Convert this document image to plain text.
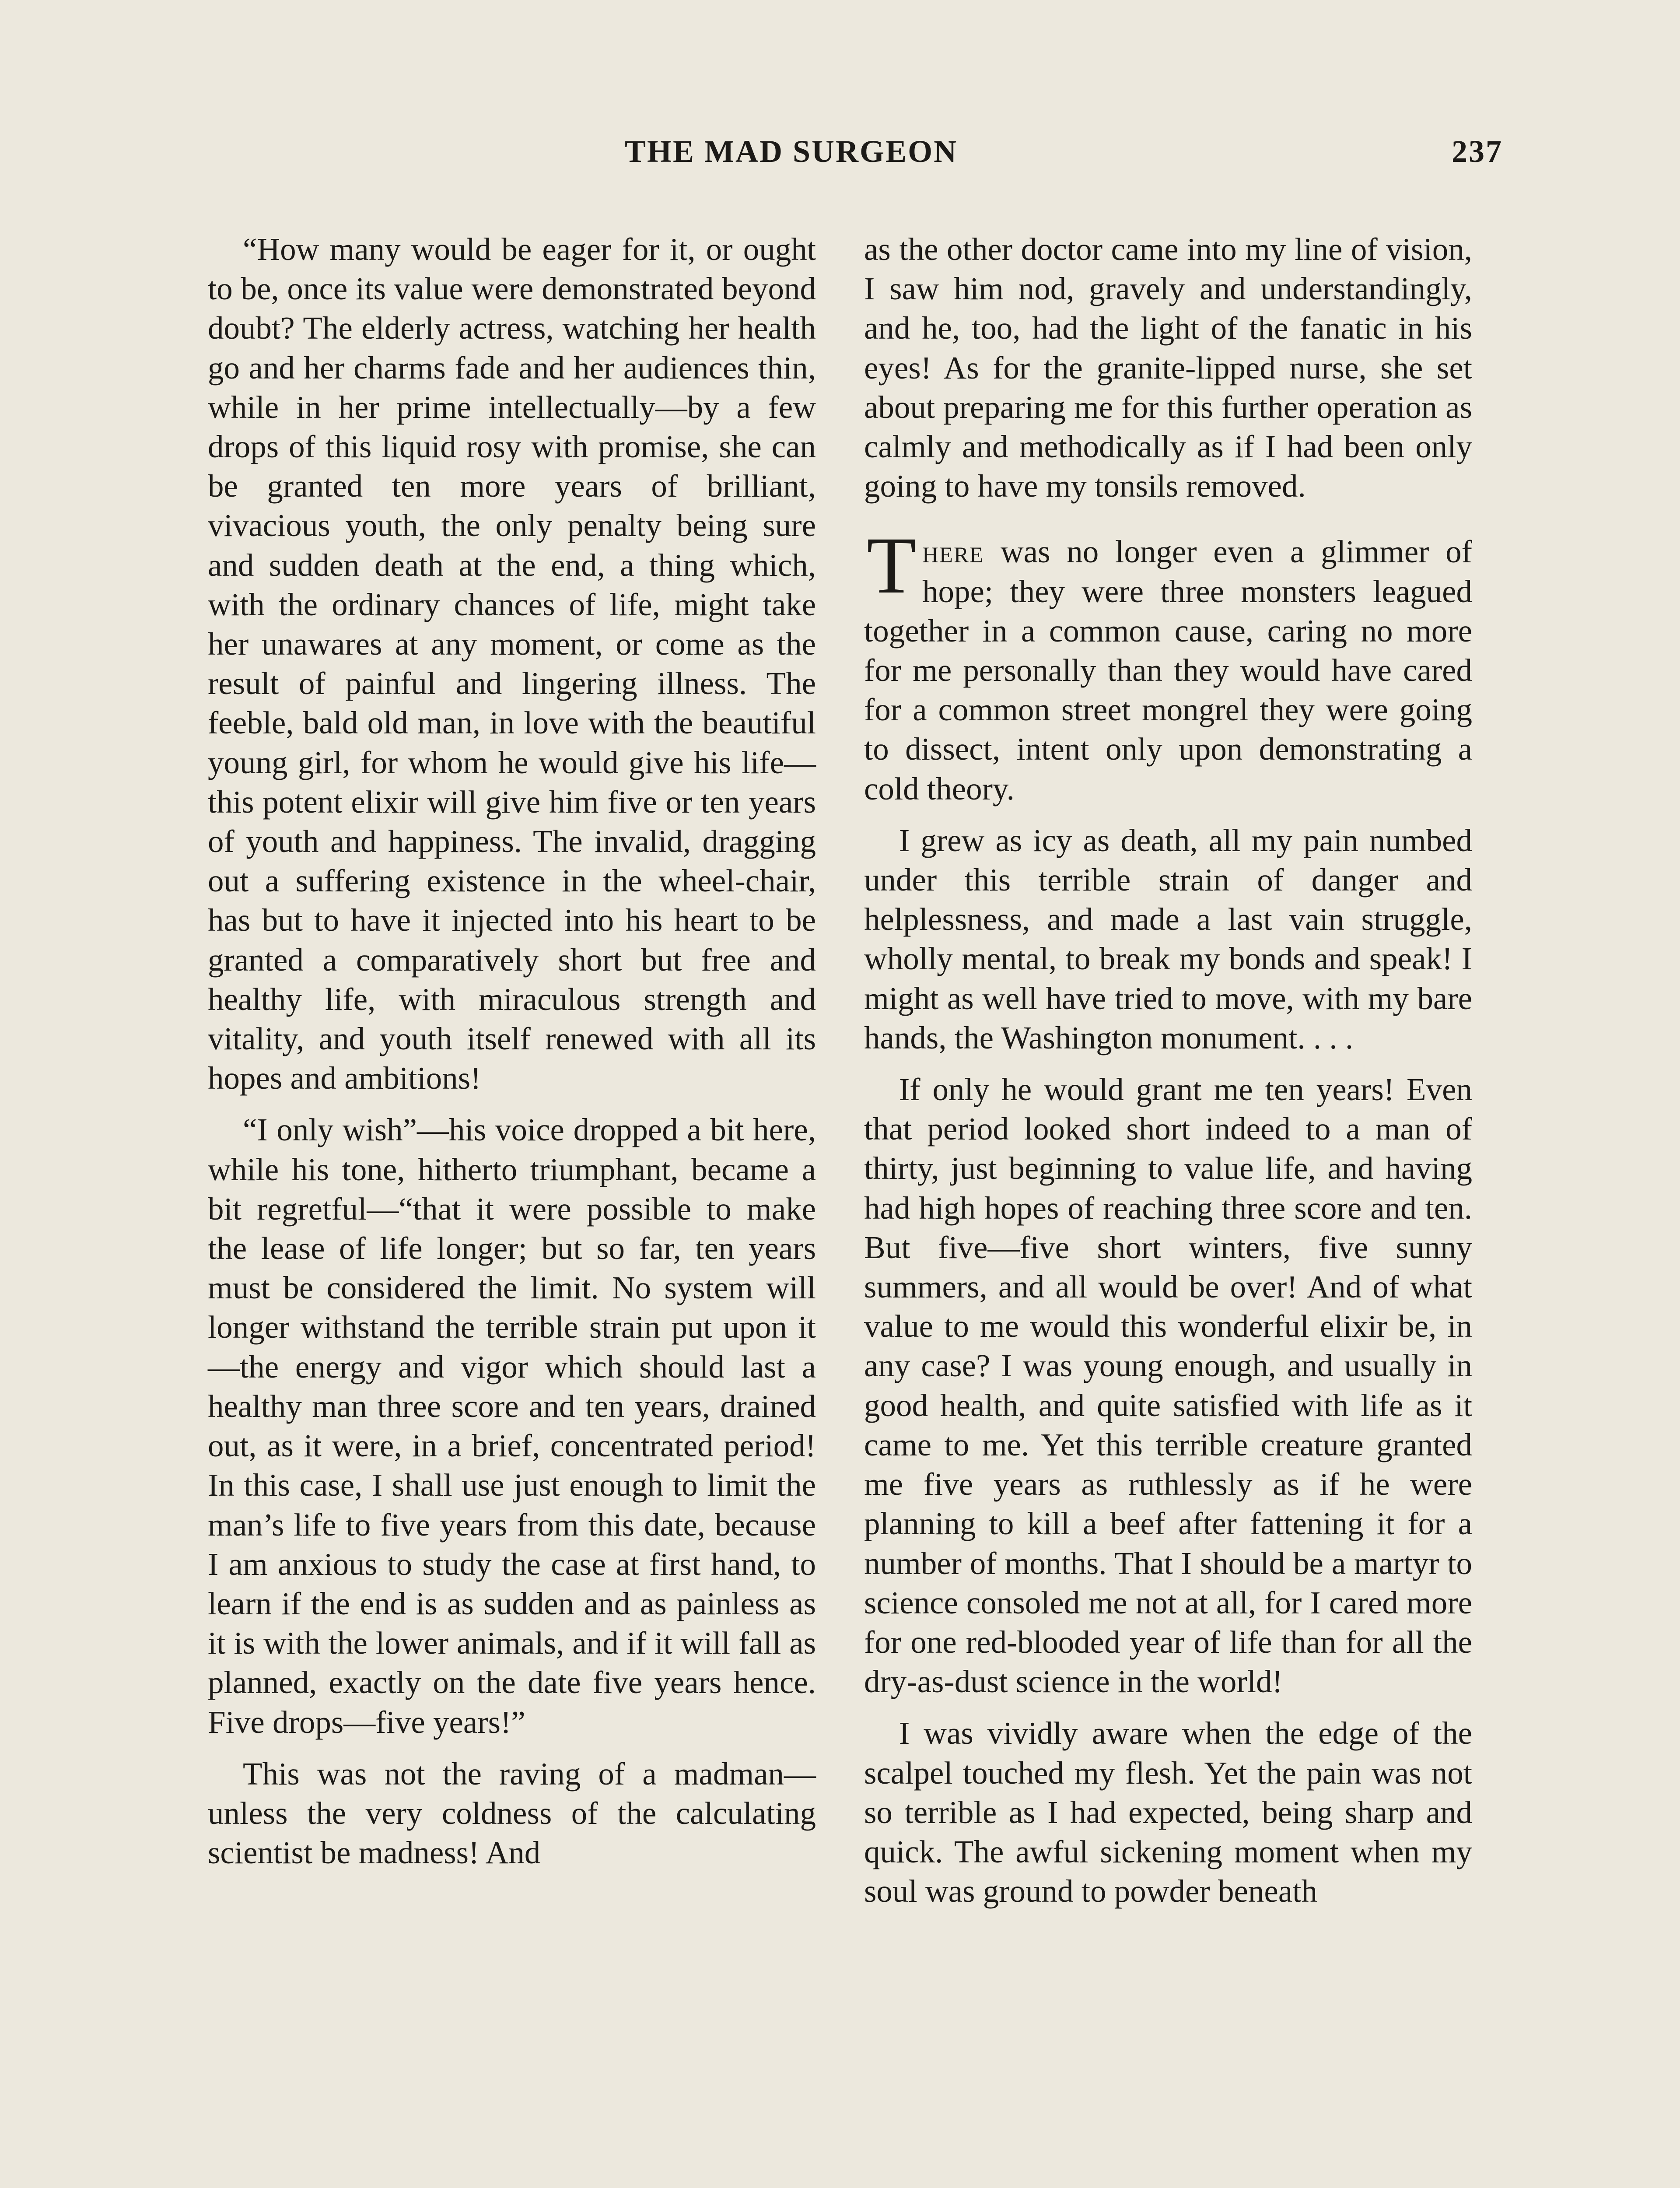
THE MAD SURGEON	237

“How many would be eager for it, or ought to be, once its value were demonstrated beyond doubt? The elderly actress, watching her health go and her charms fade and her audiences thin, while in her prime intellectually—by a few drops of this liquid rosy with promise, she can be granted ten more years of brilliant, vivacious youth, the only penalty being sure and sudden death at the end, a thing which, with the ordinary chances of life, might take her unawares at any moment, or come as the result of painful and lingering illness. The feeble, bald old man, in love with the beautiful young girl, for whom he would give his life—this potent elixir will give him five or ten years of youth and happiness. The invalid, dragging out a suffering existence in the wheel-chair, has but to have it injected into his heart to be granted a comparatively short but free and healthy life, with miraculous strength and vitality, and youth itself renewed with all its hopes and ambitions!

“I only wish”—his voice dropped a bit here, while his tone, hitherto triumphant, became a bit regretful—“that it were possible to make the lease of life longer; but so far, ten years must be considered the limit. No system will longer withstand the terrible strain put upon it—the energy and vigor which should last a healthy man three score and ten years, drained out, as it were, in a brief, concentrated period! In this case, I shall use just enough to limit the man’s life to five years from this date, because I am anxious to study the case at first hand, to learn if the end is as sudden and as painless as it is with the lower animals, and if it will fall as planned, exactly on the date five years hence. Five drops—five years!”

This was not the raving of a madman—unless the very coldness of the calculating scientist be madness! And

as the other doctor came into my line of vision, I saw him nod, gravely and understandingly, and he, too, had the light of the fanatic in his eyes! As for the granite-lipped nurse, she set about preparing me for this further operation as calmly and methodically as if I had been only going to have my tonsils removed.

There was no longer even a glimmer of hope; they were three monsters leagued together in a common cause, caring no more for me personally than they would have cared for a common street mongrel they were going to dissect, intent only upon demonstrating a cold theory.

I grew as icy as death, all my pain numbed under this terrible strain of danger and helplessness, and made a last vain struggle, wholly mental, to break my bonds and speak! I might as well have tried to move, with my bare hands, the Washington monument. . . .

If only he would grant me ten years! Even that period looked short indeed to a man of thirty, just beginning to value life, and having had high hopes of reaching three score and ten. But five—five short winters, five sunny summers, and all would be over! And of what value to me would this wonderful elixir be, in any case? I was young enough, and usually in good health, and quite satisfied with life as it came to me. Yet this terrible creature granted me five years as ruthlessly as if he were planning to kill a beef after fattening it for a number of months. That I should be a martyr to science consoled me not at all, for I cared more for one red-blooded year of life than for all the dry-as-dust science in the world!

I was vividly aware when the edge of the scalpel touched my flesh. Yet the pain was not so terrible as I had expected, being sharp and quick. The awful sickening moment when my soul was ground to powder beneath
